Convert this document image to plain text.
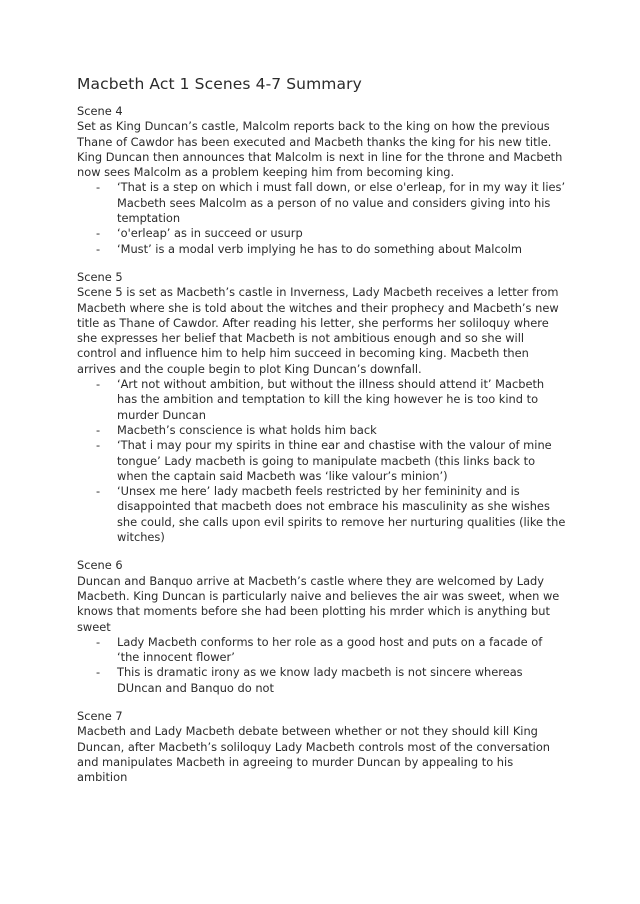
Macbeth Act 1 Scenes 4-7 Summary

Scene 4

Set as King Duncan’s castle, Malcolm reports back to the king on how the previous Thane of Cawdor has been executed and Macbeth thanks the king for his new title. King Duncan then announces that Malcolm is next in line for the throne and Macbeth now sees Malcolm as a problem keeping him from becoming king.

- ‘That is a step on which i must fall down, or else o'erleap, for in my way it lies’ Macbeth sees Malcolm as a person of no value and considers giving into his temptation
- ‘o'erleap’ as in succeed or usurp
- ‘Must’ is a modal verb implying he has to do something about Malcolm

Scene 5

Scene 5 is set as Macbeth’s castle in Inverness, Lady Macbeth receives a letter from Macbeth where she is told about the witches and their prophecy and Macbeth’s new title as Thane of Cawdor. After reading his letter, she performs her soliloquy where she expresses her belief that Macbeth is not ambitious enough and so she will control and influence him to help him succeed in becoming king. Macbeth then arrives and the couple begin to plot King Duncan’s downfall.

- ‘Art not without ambition, but without the illness should attend it’ Macbeth has the ambition and temptation to kill the king however he is too kind to murder Duncan
- Macbeth’s conscience is what holds him back
- ‘That i may pour my spirits in thine ear and chastise with the valour of mine tongue’ Lady macbeth is going to manipulate macbeth (this links back to when the captain said Macbeth was ‘like valour’s minion’)
- ‘Unsex me here’ lady macbeth feels restricted by her femininity and is disappointed that macbeth does not embrace his masculinity as she wishes she could, she calls upon evil spirits to remove her nurturing qualities (like the witches)

Scene 6

Duncan and Banquo arrive at Macbeth’s castle where they are welcomed by Lady Macbeth. King Duncan is particularly naive and believes the air was sweet, when we knows that moments before she had been plotting his mrder which is anything but sweet

- Lady Macbeth conforms to her role as a good host and puts on a facade of ‘the innocent flower’
- This is dramatic irony as we know lady macbeth is not sincere whereas DUncan and Banquo do not

Scene 7

Macbeth and Lady Macbeth debate between whether or not they should kill King Duncan, after Macbeth’s soliloquy Lady Macbeth controls most of the conversation and manipulates Macbeth in agreeing to murder Duncan by appealing to his ambition
